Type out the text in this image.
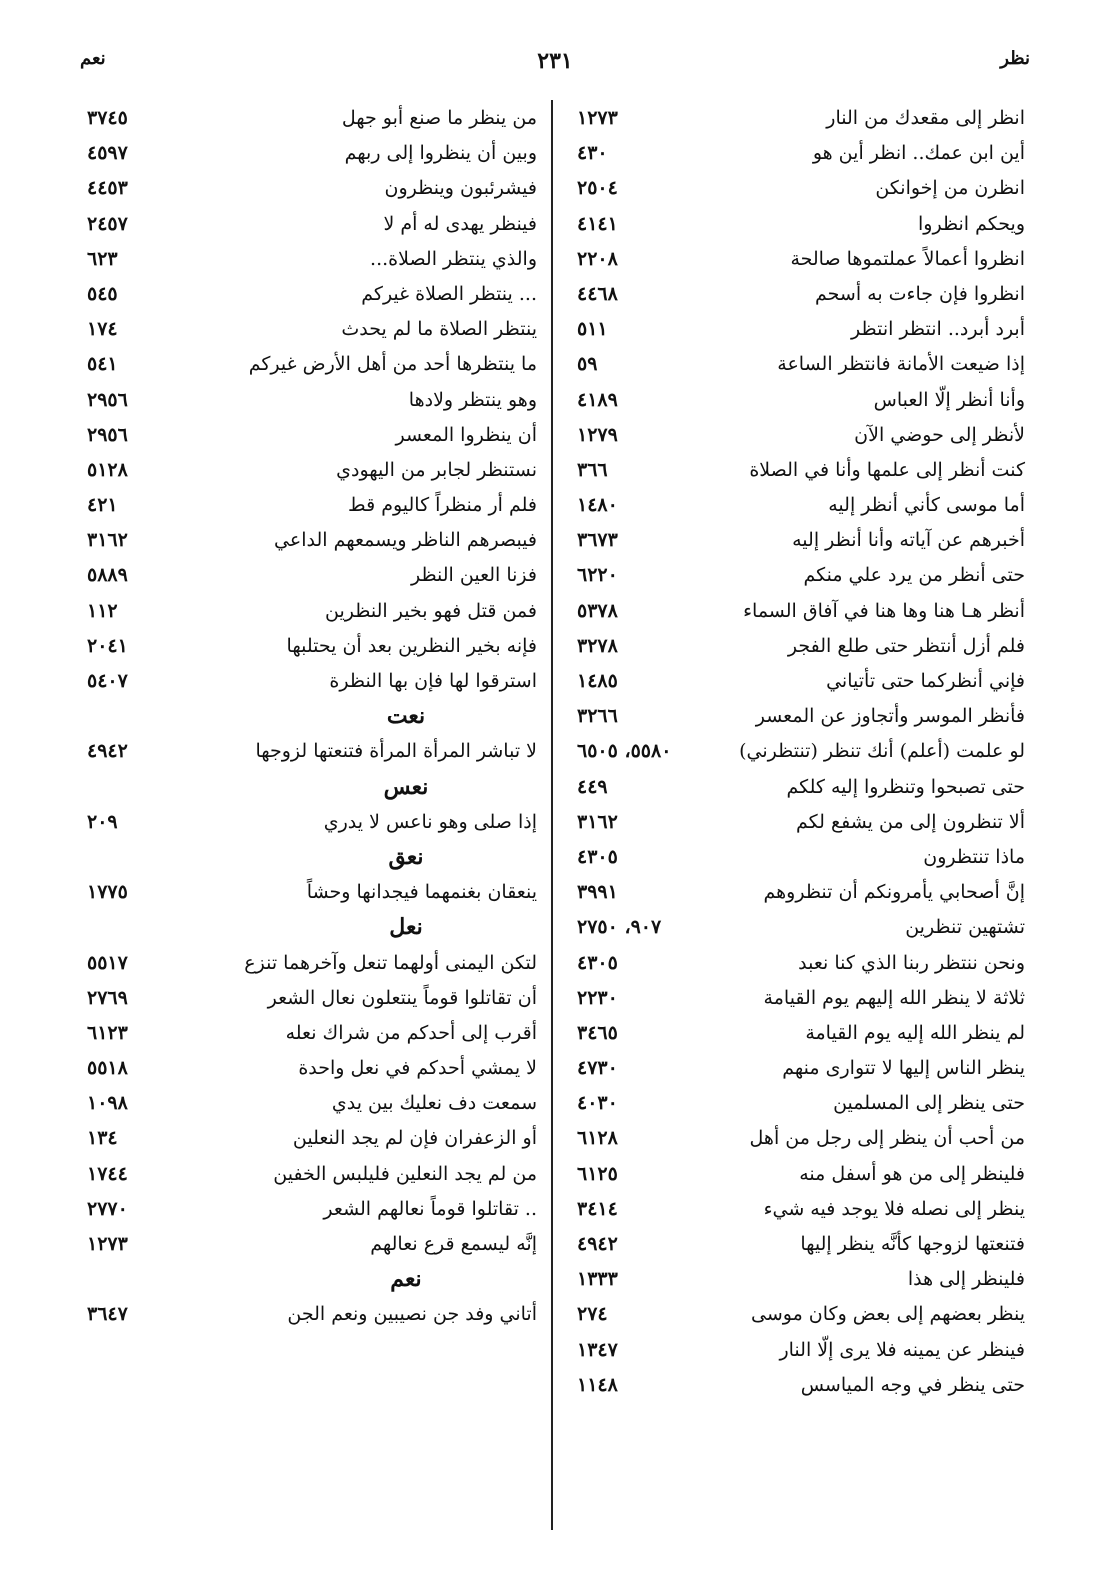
نظر
٢٣١
نعم
انظر إلى مقعدك من النار
١٢٧٣
أين ابن عمك.. انظر أين هو
٤٣٠
انظرن من إخوانكن
٢٥٠٤
ويحكم انظروا
٤١٤١
انظروا أعمالاً عملتموها صالحة
٢٢٠٨
انظروا فإن جاءت به أسحم
٤٤٦٨
أبرد أبرد.. انتظر انتظر
٥١١
إذا ضيعت الأمانة فانتظر الساعة
٥٩
وأنا أنظر إلّا العباس
٤١٨٩
لأنظر إلى حوضي الآن
١٢٧٩
كنت أنظر إلى علمها وأنا في الصلاة
٣٦٦
أما موسى كأني أنظر إليه
١٤٨٠
أخبرهم عن آياته وأنا أنظر إليه
٣٦٧٣
حتى أنظر من يرد علي منكم
٦٢٢٠
أنظر هـا هنا وها هنا في آفاق السماء
٥٣٧٨
فلم أزل أنتظر حتى طلع الفجر
٣٢٧٨
فإني أنظركما حتى تأتياني
١٤٨٥
فأنظر الموسر وأتجاوز عن المعسر
٣٢٦٦
لو علمت (أعلم) أنك تنظر (تنتظرني)
٥٥٨٠، ٦٥٠٥
حتى تصبحوا وتنظروا إليه كلكم
٤٤٩
ألا تنظرون إلى من يشفع لكم
٣١٦٢
ماذا تنتظرون
٤٣٠٥
إنَّ أصحابي يأمرونكم أن تنظروهم
٣٩٩١
تشتهين تنظرين
٩٠٧، ٢٧٥٠
ونحن ننتظر ربنا الذي كنا نعبد
٤٣٠٥
ثلاثة لا ينظر الله إليهم يوم القيامة
٢٢٣٠
لم ينظر الله إليه يوم القيامة
٣٤٦٥
ينظر الناس إليها لا تتوارى منهم
٤٧٣٠
حتى ينظر إلى المسلمين
٤٠٣٠
من أحب أن ينظر إلى رجل من أهل
٦١٢٨
فلينظر إلى من هو أسفل منه
٦١٢٥
ينظر إلى نصله فلا يوجد فيه شيء
٣٤١٤
فتنعتها لزوجها كأنَّه ينظر إليها
٤٩٤٢
فلينظر إلى هذا
١٣٣٣
ينظر بعضهم إلى بعض وكان موسى
٢٧٤
فينظر عن يمينه فلا يرى إلّا النار
١٣٤٧
حتى ينظر في وجه المياسس
١١٤٨
من ينظر ما صنع أبو جهل
٣٧٤٥
وبين أن ينظروا إلى ربهم
٤٥٩٧
فيشرئبون وينظرون
٤٤٥٣
فينظر يهدى له أم لا
٢٤٥٧
والذي ينتظر الصلاة...
٦٢٣
... ينتظر الصلاة غيركم
٥٤٥
ينتظر الصلاة ما لم يحدث
١٧٤
ما ينتظرها أحد من أهل الأرض غيركم
٥٤١
وهو ينتظر ولادها
٢٩٥٦
أن ينظروا المعسر
٢٩٥٦
نستنظر لجابر من اليهودي
٥١٢٨
فلم أر منظراً كاليوم قط
٤٢١
فيبصرهم الناظر ويسمعهم الداعي
٣١٦٢
فزنا العين النظر
٥٨٨٩
فمن قتل فهو بخير النظرين
١١٢
فإنه بخير النظرين بعد أن يحتلبها
٢٠٤١
استرقوا لها فإن بها النظرة
٥٤٠٧
نعت
لا تباشر المرأة المرأة فتنعتها لزوجها
٤٩٤٢
نعس
إذا صلى وهو ناعس لا يدري
٢٠٩
نعق
ينعقان بغنمهما فيجدانها وحشاً
١٧٧٥
نعل
لتكن اليمنى أولهما تنعل وآخرهما تنزع
٥٥١٧
أن تقاتلوا قوماً ينتعلون نعال الشعر
٢٧٦٩
أقرب إلى أحدكم من شراك نعله
٦١٢٣
لا يمشي أحدكم في نعل واحدة
٥٥١٨
سمعت دف نعليك بين يدي
١٠٩٨
أو الزعفران فإن لم يجد النعلين
١٣٤
من لم يجد النعلين فليلبس الخفين
١٧٤٤
.. تقاتلوا قوماً نعالهم الشعر
٢٧٧٠
إنَّه ليسمع قرع نعالهم
١٢٧٣
نعم
أتاني وفد جن نصيبين ونعم الجن
٣٦٤٧
